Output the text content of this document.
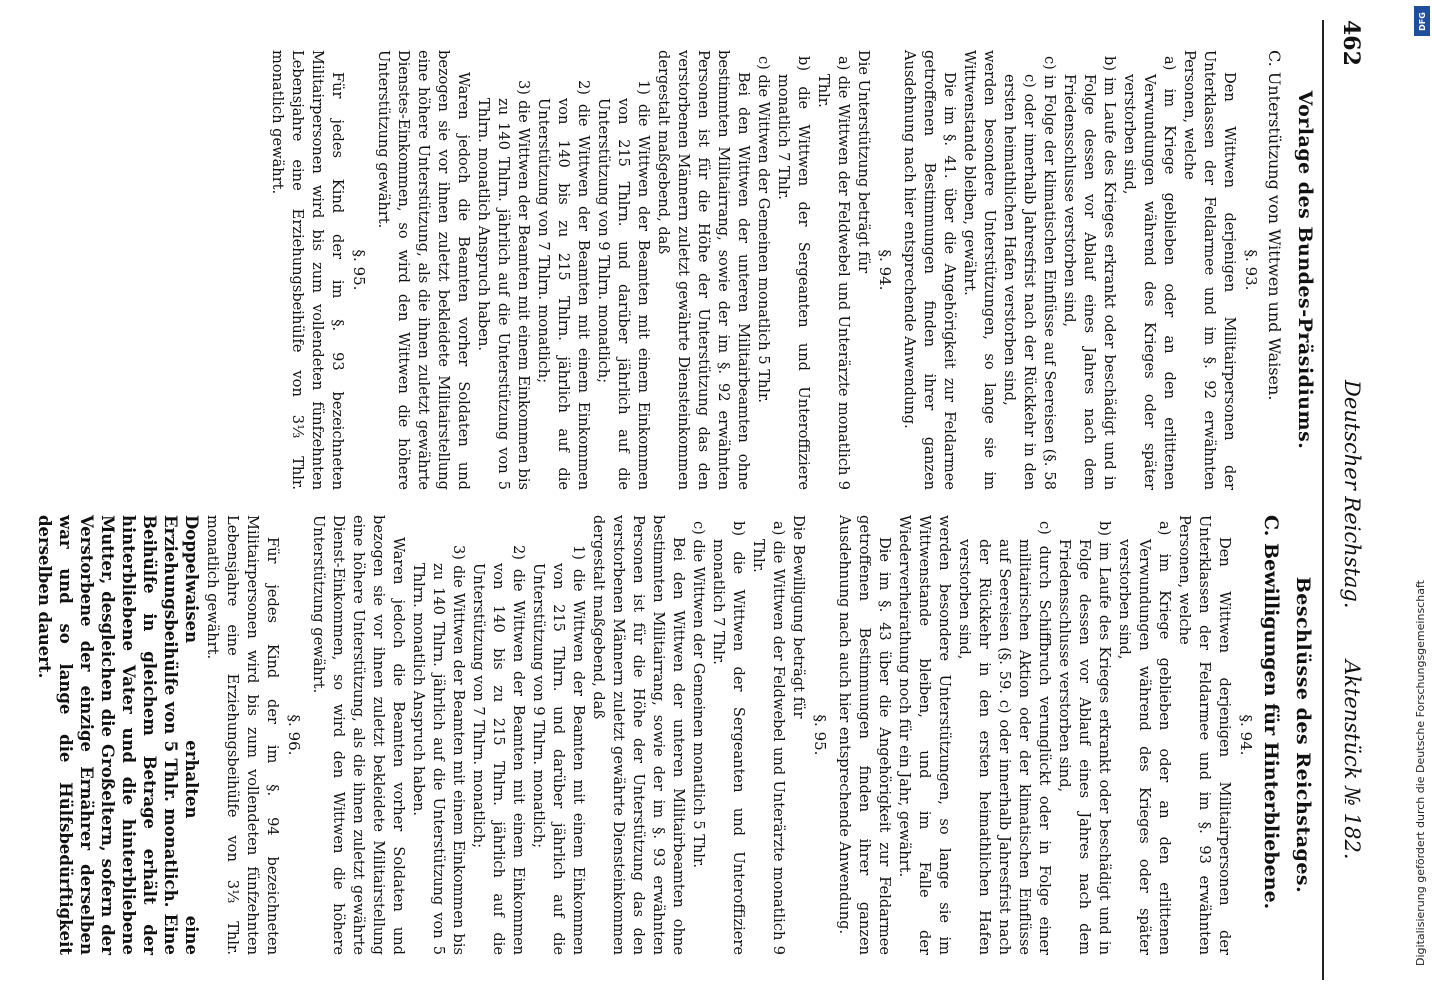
462
Deutscher Reichstag.
Aktenstück № 182.
Vorlage des Bundes-Präsidiums.
C. Unterstützung von Wittwen und Waisen.
§. 93.

Den Wittwen derjenigen Militairpersonen der Unterklassen der Feldarmee und im §. 92 erwähnten Personen, welche

a) im Kriege geblieben oder an den erlittenen Verwundungen während des Krieges oder später verstorben sind,
b) im Laufe des Krieges erkrankt oder beschädigt und in Folge dessen vor Ablauf eines Jahres nach dem Friedensschlusse verstorben sind,
c) in Folge der klimatischen Einflüsse auf Seereisen (§. 58 c) oder innerhalb Jahresfrist nach der Rückkehr in den ersten heimathlichen Hafen verstorben sind,

werden besondere Unterstützungen, so lange sie im Wittwenstande bleiben, gewährt.

Die im §. 41. über die Angehörigkeit zur Feldarmee getroffenen Bestimmungen finden ihrer ganzen Ausdehnung nach hier entsprechende Anwendung.

§. 94.

Die Unterstützung beträgt für

a) die Wittwen der Feldwebel und Unterärzte monatlich 9 Thlr.
b) die Wittwen der Sergeanten und Unteroffiziere monatlich 7 Thlr.
c) die Wittwen der Gemeinen monatlich 5 Thlr.

Bei den Wittwen der unteren Militairbeamten ohne bestimmten Militairrang, sowie der im §. 92 erwähnten Personen ist für die Höhe der Unterstützung das den verstorbenen Männern zuletzt gewährte Diensteinkommen dergestalt maßgebend, daß

1) die Wittwen der Beamten mit einem Einkommen von 215 Thlrn. und darüber jährlich auf die Unterstützung von 9 Thlrn. monatlich;
2) die Wittwen der Beamten mit einem Einkommen von 140 bis zu 215 Thlrn. jährlich auf die Unterstützung von 7 Thlrn. monatlich;
3) die Wittwen der Beamten mit einem Einkommen bis zu 140 Thlrn. jährlich auf die Unterstützung von 5 Thlrn. monatlich Anspruch haben.

Waren jedoch die Beamten vorher Soldaten und bezogen sie vor ihnen zuletzt bekleidete Militairstellung eine höhere Unterstützung, als die ihnen zuletzt gewährte Dienstes-Einkommen, so wird den Wittwen die höhere Unterstützung gewährt.

§. 95.

Für jedes Kind der im §. 93 bezeichneten Militairpersonen wird bis zum vollendeten fünfzehnten Lebensjahre eine Erziehungsbeihülfe von 3⅓ Thlr. monatlich gewährt.

Beschlüsse des Reichstages.
C. Bewilligungen für Hinterbliebene.
§. 94.

Den Wittwen derjenigen Militairpersonen der Unterklassen der Feldarmee und im §. 93 erwähnten Personen, welche

a) im Kriege geblieben oder an den erlittenen Verwundungen während des Krieges oder später verstorben sind,
b) im Laufe des Krieges erkrankt oder beschädigt und in Folge dessen vor Ablauf eines Jahres nach dem Friedensschlusse verstorben sind,
c) durch Schiffbruch verunglückt oder in Folge einer militairischen Aktion oder der klimatischen Einflüsse auf Seereisen (§. 59. c) oder innerhalb Jahresfrist nach der Rückkehr in den ersten heimathlichen Hafen verstorben sind,

werden besondere Unterstützungen, so lange sie im Wittwenstande bleiben, und im Falle der Wiederverheirathung noch für ein Jahr, gewährt.

Die im §. 43 über die Angehörigkeit zur Feldarmee getroffenen Bestimmungen finden ihrer ganzen Ausdehnung nach auch hier entsprechende Anwendung.

§. 95.

Die Bewilligung beträgt für

a) die Wittwen der Feldwebel und Unterärzte monatlich 9 Thlr.
b) die Wittwen der Sergeanten und Unteroffiziere monatlich 7 Thlr.
c) die Wittwen der Gemeinen monatlich 5 Thlr.

Bei den Wittwen der unteren Militairbeamten ohne bestimmten Militairrang, sowie der im §. 93 erwähnten Personen ist für die Höhe der Unterstützung das den verstorbenen Männern zuletzt gewährte Diensteinkommen dergestalt maßgebend, daß

1) die Wittwen der Beamten mit einem Einkommen von 215 Thlrn. und darüber jährlich auf die Unterstützung von 9 Thlrn. monatlich;
2) die Wittwen der Beamten mit einem Einkommen von 140 bis zu 215 Thlrn. jährlich auf die Unterstützung von 7 Thlrn. monatlich;
3) die Wittwen der Beamten mit einem Einkommen bis zu 140 Thlrn. jährlich auf die Unterstützung von 5 Thlrn. monatlich Anspruch haben.

Waren jedoch die Beamten vorher Soldaten und bezogen sie vor ihnen zuletzt bekleidete Militairstellung eine höhere Unterstützung, als die ihnen zuletzt gewährte Dienst-Einkommen, so wird den Wittwen die höhere Unterstützung gewährt.

§. 96.

Für jedes Kind der im §. 94 bezeichneten Militairpersonen wird bis zum vollendeten fünfzehnten Lebensjahre eine Erziehungsbeihülfe von 3⅓ Thlr. monatlich gewährt.

Doppelwaisen erhalten eine Erziehungsbeihülfe von 5 Thlr. monatlich. Eine Beihülfe in gleichem Betrage erhält der hinterbliebene Vater und die hinterbliebene Mutter, desgleichen die Großeltern, sofern der Verstorbene der einzige Ernährer derselben war und so lange die Hülfsbedürftigkeit derselben dauert.	Digitalisierung gefördert durch die Deutsche Forschungsgemeinschaft
DFG
